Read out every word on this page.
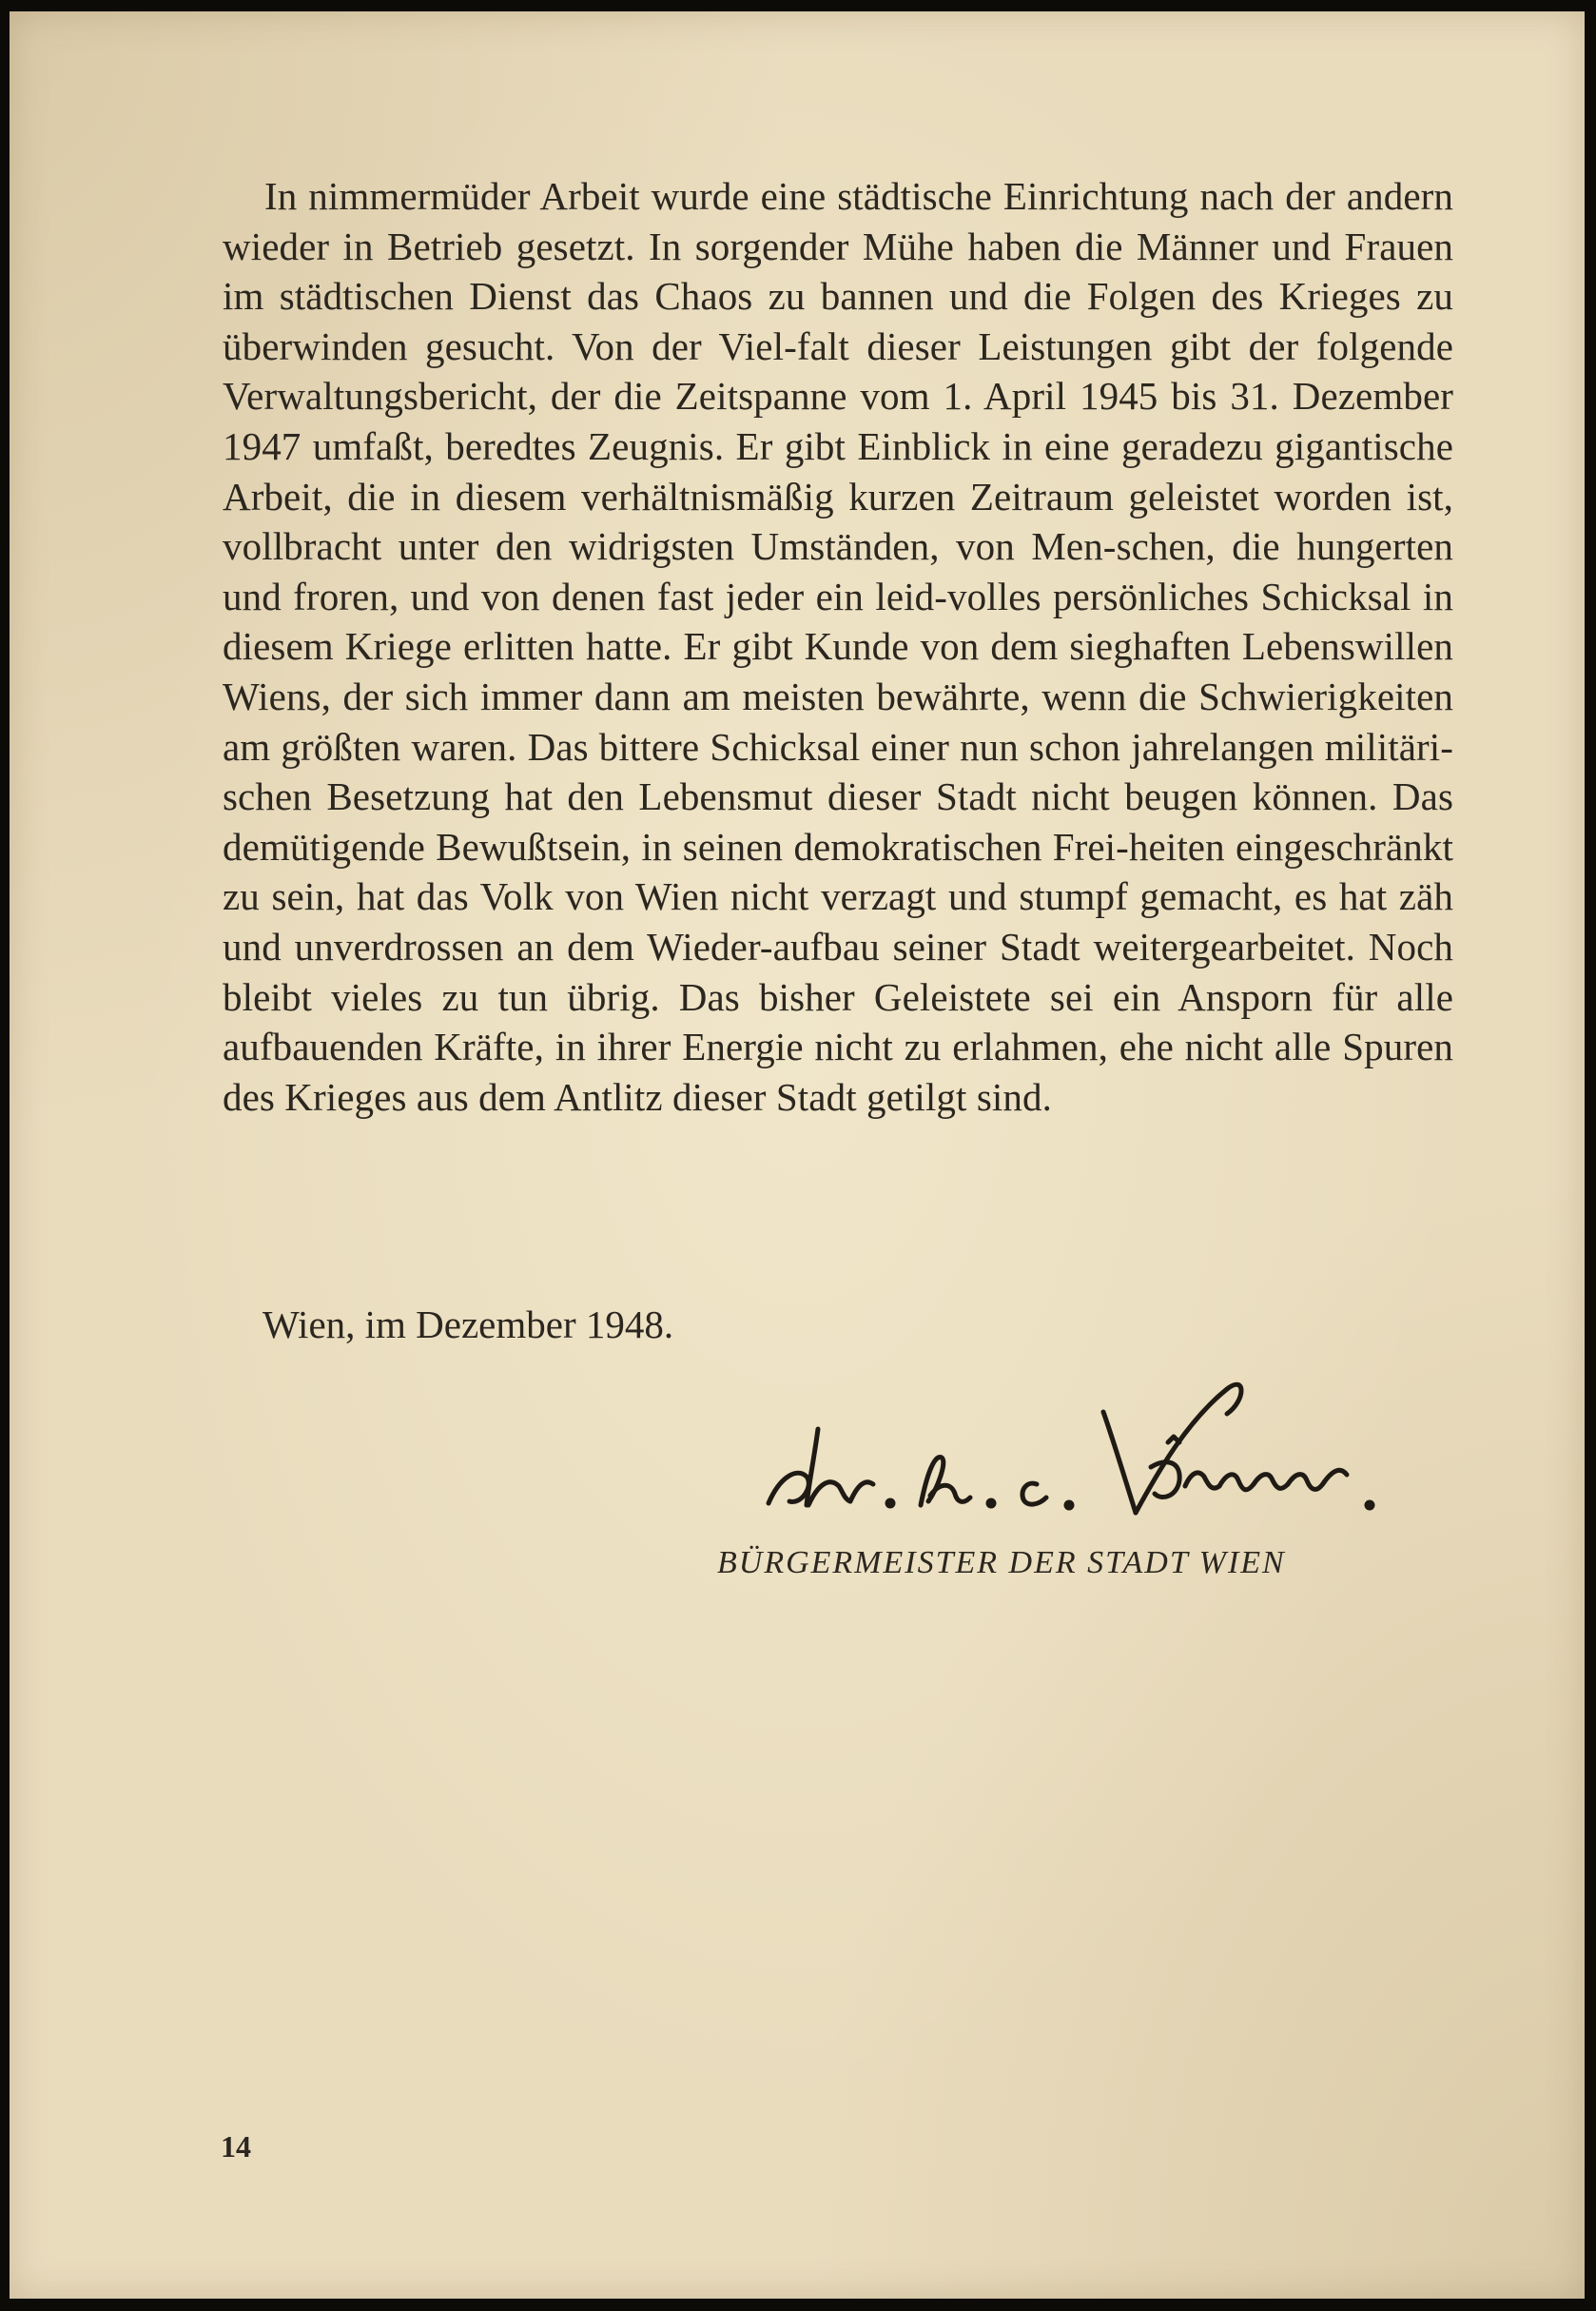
In nimmermüder Arbeit wurde eine städtische Einrichtung nach der andern wieder in Betrieb gesetzt. In sorgender Mühe haben die Männer und Frauen im städtischen Dienst das Chaos zu bannen und die Folgen des Krieges zu überwinden gesucht. Von der Viel-falt dieser Leistungen gibt der folgende Verwaltungsbericht, der die Zeitspanne vom 1. April 1945 bis 31. Dezember 1947 umfaßt, beredtes Zeugnis. Er gibt Einblick in eine geradezu gigantische Arbeit, die in diesem verhältnismäßig kurzen Zeitraum geleistet worden ist, vollbracht unter den widrigsten Umständen, von Men-schen, die hungerten und froren, und von denen fast jeder ein leid-volles persönliches Schicksal in diesem Kriege erlitten hatte. Er gibt Kunde von dem sieghaften Lebenswillen Wiens, der sich immer dann am meisten bewährte, wenn die Schwierigkeiten am größten waren. Das bittere Schicksal einer nun schon jahrelangen militäri-schen Besetzung hat den Lebensmut dieser Stadt nicht beugen können. Das demütigende Bewußtsein, in seinen demokratischen Frei-heiten eingeschränkt zu sein, hat das Volk von Wien nicht verzagt und stumpf gemacht, es hat zäh und unverdrossen an dem Wieder-aufbau seiner Stadt weitergearbeitet. Noch bleibt vieles zu tun übrig. Das bisher Geleistete sei ein Ansporn für alle aufbauenden Kräfte, in ihrer Energie nicht zu erlahmen, ehe nicht alle Spuren des Krieges aus dem Antlitz dieser Stadt getilgt sind.

Wien, im Dezember 1948.

BÜRGERMEISTER DER STADT WIEN

14
